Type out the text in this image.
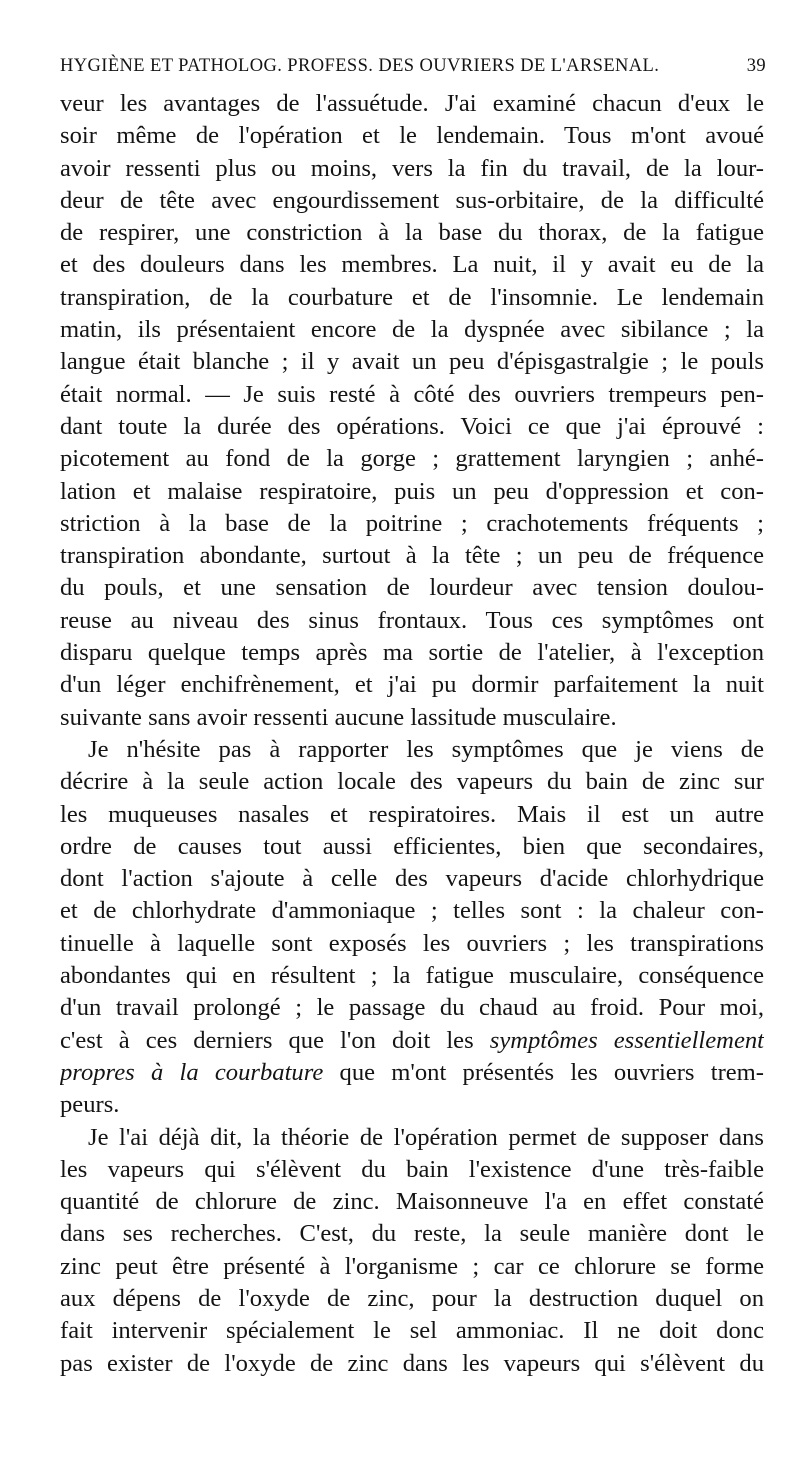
HYGIÈNE ET PATHOLOG. PROFESS. DES OUVRIERS DE L'ARSENAL.	39
veur les avantages de l'assuétude. J'ai examiné chacun d'eux le
soir même de l'opération et le lendemain. Tous m'ont avoué
avoir ressenti plus ou moins, vers la fin du travail, de la lour-
deur de tête avec engourdissement sus-orbitaire, de la difficulté
de respirer, une constriction à la base du thorax, de la fatigue
et des douleurs dans les membres. La nuit, il y avait eu de la
transpiration, de la courbature et de l'insomnie. Le lendemain
matin, ils présentaient encore de la dyspnée avec sibilance ; la
langue était blanche ; il y avait un peu d'épisgastralgie ; le pouls
était normal. — Je suis resté à côté des ouvriers trempeurs pen-
dant toute la durée des opérations. Voici ce que j'ai éprouvé :
picotement au fond de la gorge ; grattement laryngien ; anhé-
lation et malaise respiratoire, puis un peu d'oppression et con-
striction à la base de la poitrine ; crachotements fréquents ;
transpiration abondante, surtout à la tête ; un peu de fréquence
du pouls, et une sensation de lourdeur avec tension doulou-
reuse au niveau des sinus frontaux. Tous ces symptômes ont
disparu quelque temps après ma sortie de l'atelier, à l'exception
d'un léger enchifrènement, et j'ai pu dormir parfaitement la nuit
suivante sans avoir ressenti aucune lassitude musculaire.
Je n'hésite pas à rapporter les symptômes que je viens de
décrire à la seule action locale des vapeurs du bain de zinc sur
les muqueuses nasales et respiratoires. Mais il est un autre
ordre de causes tout aussi efficientes, bien que secondaires,
dont l'action s'ajoute à celle des vapeurs d'acide chlorhydrique
et de chlorhydrate d'ammoniaque ; telles sont : la chaleur con-
tinuelle à laquelle sont exposés les ouvriers ; les transpirations
abondantes qui en résultent ; la fatigue musculaire, conséquence
d'un travail prolongé ; le passage du chaud au froid. Pour moi,
c'est à ces derniers que l'on doit les symptômes essentiellement
propres à la courbature que m'ont présentés les ouvriers trem-
peurs.
Je l'ai déjà dit, la théorie de l'opération permet de supposer dans
les vapeurs qui s'élèvent du bain l'existence d'une très-faible
quantité de chlorure de zinc. Maisonneuve l'a en effet constaté
dans ses recherches. C'est, du reste, la seule manière dont le
zinc peut être présenté à l'organisme ; car ce chlorure se forme
aux dépens de l'oxyde de zinc, pour la destruction duquel on
fait intervenir spécialement le sel ammoniac. Il ne doit donc
pas exister de l'oxyde de zinc dans les vapeurs qui s'élèvent du
